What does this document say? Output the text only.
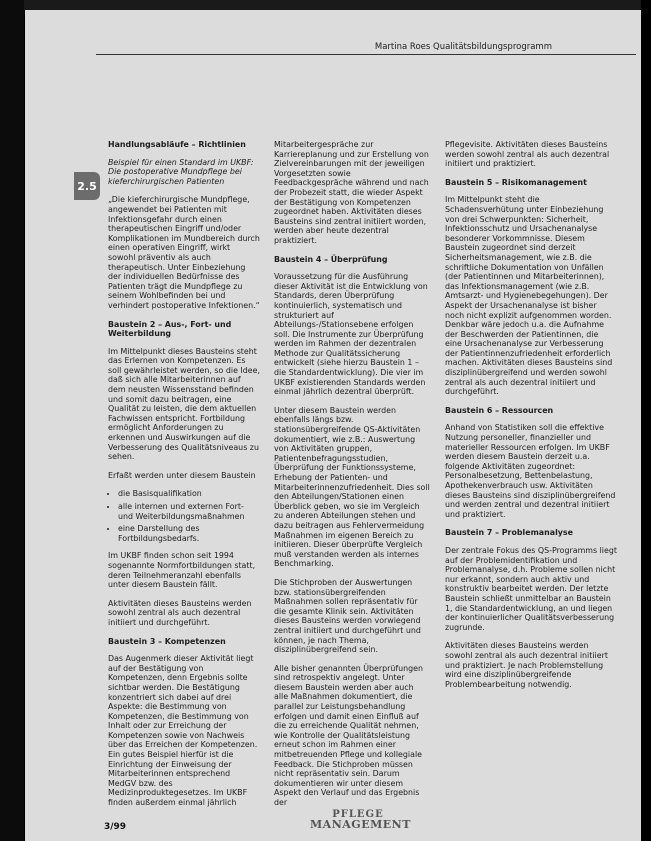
Martina Roes Qualitätsbildungsprogramm
2.5
Handlungsabläufe – Richtlinien

Beispiel für einen Standard im UKBF: Die postoperative Mundpflege bei kieferchirurgischen Patienten

„Die kieferchirurgische Mundpflege, angewendet bei Patienten mit Infektionsgefahr durch einen therapeutischen Eingriff und/oder Komplikationen im Mundbereich durch einen operativen Eingriff, wirkt sowohl präventiv als auch therapeutisch. Unter Einbeziehung der individuellen Bedürfnisse des Patienten trägt die Mundpflege zu seinem Wohlbefinden bei und verhindert postoperative Infektionen.“

Baustein 2 – Aus-, Fort- und Weiterbildung

Im Mittelpunkt dieses Bausteins steht das Erlernen von Kompetenzen. Es soll gewährleistet werden, so die Idee, daß sich alle Mitarbeiterinnen auf dem neusten Wissensstand befinden und somit dazu beitragen, eine Qualität zu leisten, die dem aktuellen Fachwissen entspricht. Fortbildung ermöglicht Anforderungen zu erkennen und Auswirkungen auf die Verbesserung des Qualitätsniveaus zu sehen.

Erfaßt werden unter diesem Baustein

• die Basisqualifikation
• alle internen und externen Fort- und Weiterbildungsmaßnahmen
• eine Darstellung des Fortbildungsbedarfs.

Im UKBF finden schon seit 1994 sogenannte Normfortbildungen statt, deren Teilnehmeranzahl ebenfalls unter diesem Baustein fällt.

Aktivitäten dieses Bausteins werden sowohl zentral als auch dezentral initiiert und durchgeführt.

Baustein 3 – Kompetenzen

Das Augenmerk dieser Aktivität liegt auf der Bestätigung von Kompetenzen, denn Ergebnis sollte sichtbar werden. Die Bestätigung konzentriert sich dabei auf drei Aspekte: die Bestimmung von Kompetenzen, die Bestimmung von Inhalt oder zur Erreichung der Kompetenzen sowie von Nachweis über das Erreichen der Kompetenzen. Ein gutes Beispiel hierfür ist die Einrichtung der Einweisung der Mitarbeiterinnen entsprechend MedGV bzw. des Medizinproduktegesetzes. Im UKBF finden außerdem einmal jährlich

Mitarbeitergespräche zur Karriereplanung und zur Erstellung von Zielvereinbarungen mit der jeweiligen Vorgesetzten sowie Feedbackgespräche während und nach der Probezeit statt, die wieder Aspekt der Bestätigung von Kompetenzen zugeordnet haben. Aktivitäten dieses Bausteins sind zentral initiiert worden, werden aber heute dezentral praktiziert.

Baustein 4 – Überprüfung

Voraussetzung für die Ausführung dieser Aktivität ist die Entwicklung von Standards, deren Überprüfung kontinuierlich, systematisch und strukturiert auf Abteilungs-/Stationsebene erfolgen soll. Die Instrumente zur Überprüfung werden im Rahmen der dezentralen Methode zur Qualitätssicherung entwickelt (siehe hierzu Baustein 1 – die Standardentwicklung). Die vier im UKBF existierenden Standards werden einmal jährlich dezentral überprüft.

Unter diesem Baustein werden ebenfalls längs bzw. stationsübergreifende QS-Aktivitäten dokumentiert, wie z.B.: Auswertung von Aktivitäten gruppen, Patientenbefragungsstudien, Überprüfung der Funktionssysteme, Erhebung der Patienten- und Mitarbeiterinnenzufriedenheit. Dies soll den Abteilungen/Stationen einen Überblick geben, wo sie im Vergleich zu anderen Abteilungen stehen und dazu beitragen aus Fehlervermeidung Maßnahmen im eigenen Bereich zu initiieren. Dieser überprüfte Vergleich muß verstanden werden als internes Benchmarking.

Die Stichproben der Auswertungen bzw. stationsübergreifenden Maßnahmen sollen repräsentativ für die gesamte Klinik sein. Aktivitäten dieses Bausteins werden vorwiegend zentral initiiert und durchgeführt und können, je nach Thema, disziplinübergreifend sein.

Alle bisher genannten Überprüfungen sind retrospektiv angelegt. Unter diesem Baustein werden aber auch alle Maßnahmen dokumentiert, die parallel zur Leistungsbehandlung erfolgen und damit einen Einfluß auf die zu erreichende Qualität nehmen, wie Kontrolle der Qualitätsleistung erneut schon im Rahmen einer mitbetreuenden Pflege und kollegiale Feedback. Die Stichproben müssen nicht repräsentativ sein. Darum dokumentieren wir unter diesem Aspekt den Verlauf und das Ergebnis der

Pflegevisite. Aktivitäten dieses Bausteins werden sowohl zentral als auch dezentral initiiert und praktiziert.

Baustein 5 – Risikomanagement

Im Mittelpunkt steht die Schadensverhütung unter Einbeziehung von drei Schwerpunkten: Sicherheit, Infektionsschutz und Ursachenanalyse besonderer Vorkommnisse. Diesem Baustein zugeordnet sind derzeit Sicherheitsmanagement, wie z.B. die schriftliche Dokumentation von Unfällen (der Patientinnen und Mitarbeiterinnen), das Infektionsmanagement (wie z.B. Amtsarzt- und Hygienebegehungen). Der Aspekt der Ursachenanalyse ist bisher noch nicht explizit aufgenommen worden. Denkbar wäre jedoch u.a. die Aufnahme der Beschwerden der Patientinnen, die eine Ursachenanalyse zur Verbesserung der Patientinnenzufriedenheit erforderlich machen. Aktivitäten dieses Bausteins sind disziplinübergreifend und werden sowohl zentral als auch dezentral initiiert und durchgeführt.

Baustein 6 – Ressourcen

Anhand von Statistiken soll die effektive Nutzung personeller, finanzieller und materieller Ressourcen erfolgen. Im UKBF werden diesem Baustein derzeit u.a. folgende Aktivitäten zugeordnet: Personalbesetzung, Bettenbelastung, Apothekenverbrauch usw. Aktivitäten dieses Bausteins sind disziplinübergreifend und werden zentral und dezentral initiiert und praktiziert.

Baustein 7 – Problemanalyse

Der zentrale Fokus des QS-Programms liegt auf der Problemidentifikation und Problemanalyse, d.h. Probleme sollen nicht nur erkannt, sondern auch aktiv und konstruktiv bearbeitet werden. Der letzte Baustein schließt unmittelbar an Baustein 1, die Standardentwicklung, an und liegen der kontinuierlicher Qualitätsverbesserung zugrunde.

Aktivitäten dieses Bausteins werden sowohl zentral als auch dezentral initiiert und praktiziert. Je nach Problemstellung wird eine disziplinübergreifende Problembearbeitung notwendig.

3/99
PFLEGE
MANAGEMENT
